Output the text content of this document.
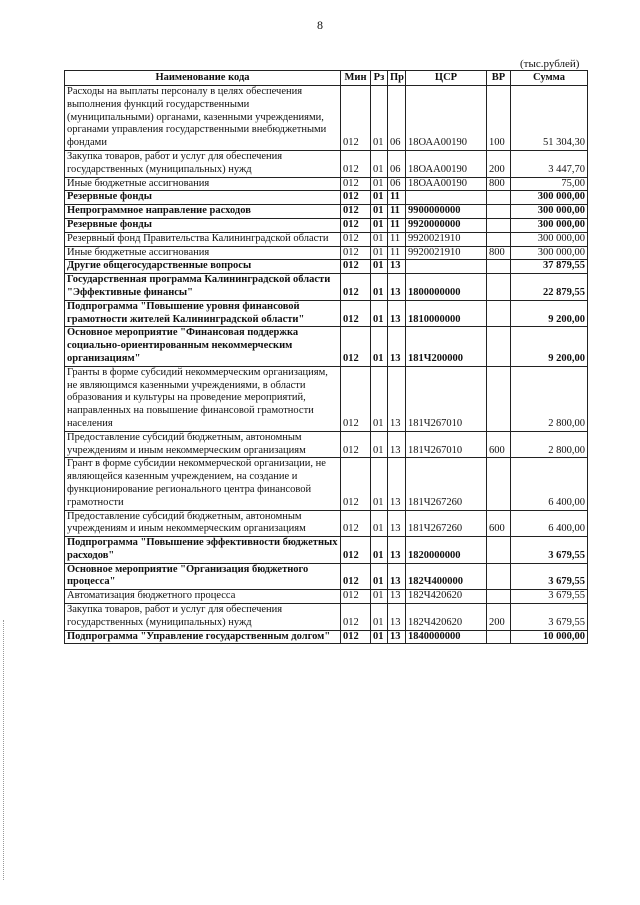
8
(тыс.рублей)
Наименование кода	Мин	Рз	Пр	ЦСР	ВР	Сумма
Расходы на выплаты персоналу в целях обеспечения выполнения функций государственными (муниципальными) органами, казенными учреждениями, органами управления государственными внебюджетными фондами	012	01	06	18ОАА00190	100	51 304,30
Закупка товаров, работ и услуг для обеспечения государственных (муниципальных) нужд	012	01	06	18ОАА00190	200	3 447,70
Иные бюджетные ассигнования	012	01	06	18ОАА00190	800	75,00
Резервные фонды	012	01	11			300 000,00
Непрограммное направление расходов	012	01	11	9900000000		300 000,00
Резервные фонды	012	01	11	9920000000		300 000,00
Резервный фонд Правительства Калининградской области	012	01	11	9920021910		300 000,00
Иные бюджетные ассигнования	012	01	11	9920021910	800	300 000,00
Другие общегосударственные вопросы	012	01	13			37 879,55
Государственная программа Калининградской области "Эффективные финансы"	012	01	13	1800000000		22 879,55
Подпрограмма "Повышение уровня финансовой грамотности жителей Калининградской области"	012	01	13	1810000000		9 200,00
Основное мероприятие "Финансовая поддержка социально-ориентированным некоммерческим организациям"	012	01	13	181Ч200000		9 200,00
Гранты в форме субсидий некоммерческим организациям, не являющимся казенными учреждениями, в области образования и культуры на проведение мероприятий, направленных на повышение финансовой грамотности населения	012	01	13	181Ч267010		2 800,00
Предоставление субсидий бюджетным, автономным учреждениям и иным некоммерческим организациям	012	01	13	181Ч267010	600	2 800,00
Грант в форме субсидии некоммерческой организации, не являющейся казенным учреждением, на создание и функционирование регионального центра финансовой грамотности	012	01	13	181Ч267260		6 400,00
Предоставление субсидий бюджетным, автономным учреждениям и иным некоммерческим организациям	012	01	13	181Ч267260	600	6 400,00
Подпрограмма "Повышение эффективности бюджетных расходов"	012	01	13	1820000000		3 679,55
Основное мероприятие "Организация бюджетного процесса"	012	01	13	182Ч400000		3 679,55
Автоматизация бюджетного процесса	012	01	13	182Ч420620		3 679,55
Закупка товаров, работ и услуг для обеспечения государственных (муниципальных) нужд	012	01	13	182Ч420620	200	3 679,55
Подпрограмма "Управление государственным долгом"	012	01	13	1840000000		10 000,00
